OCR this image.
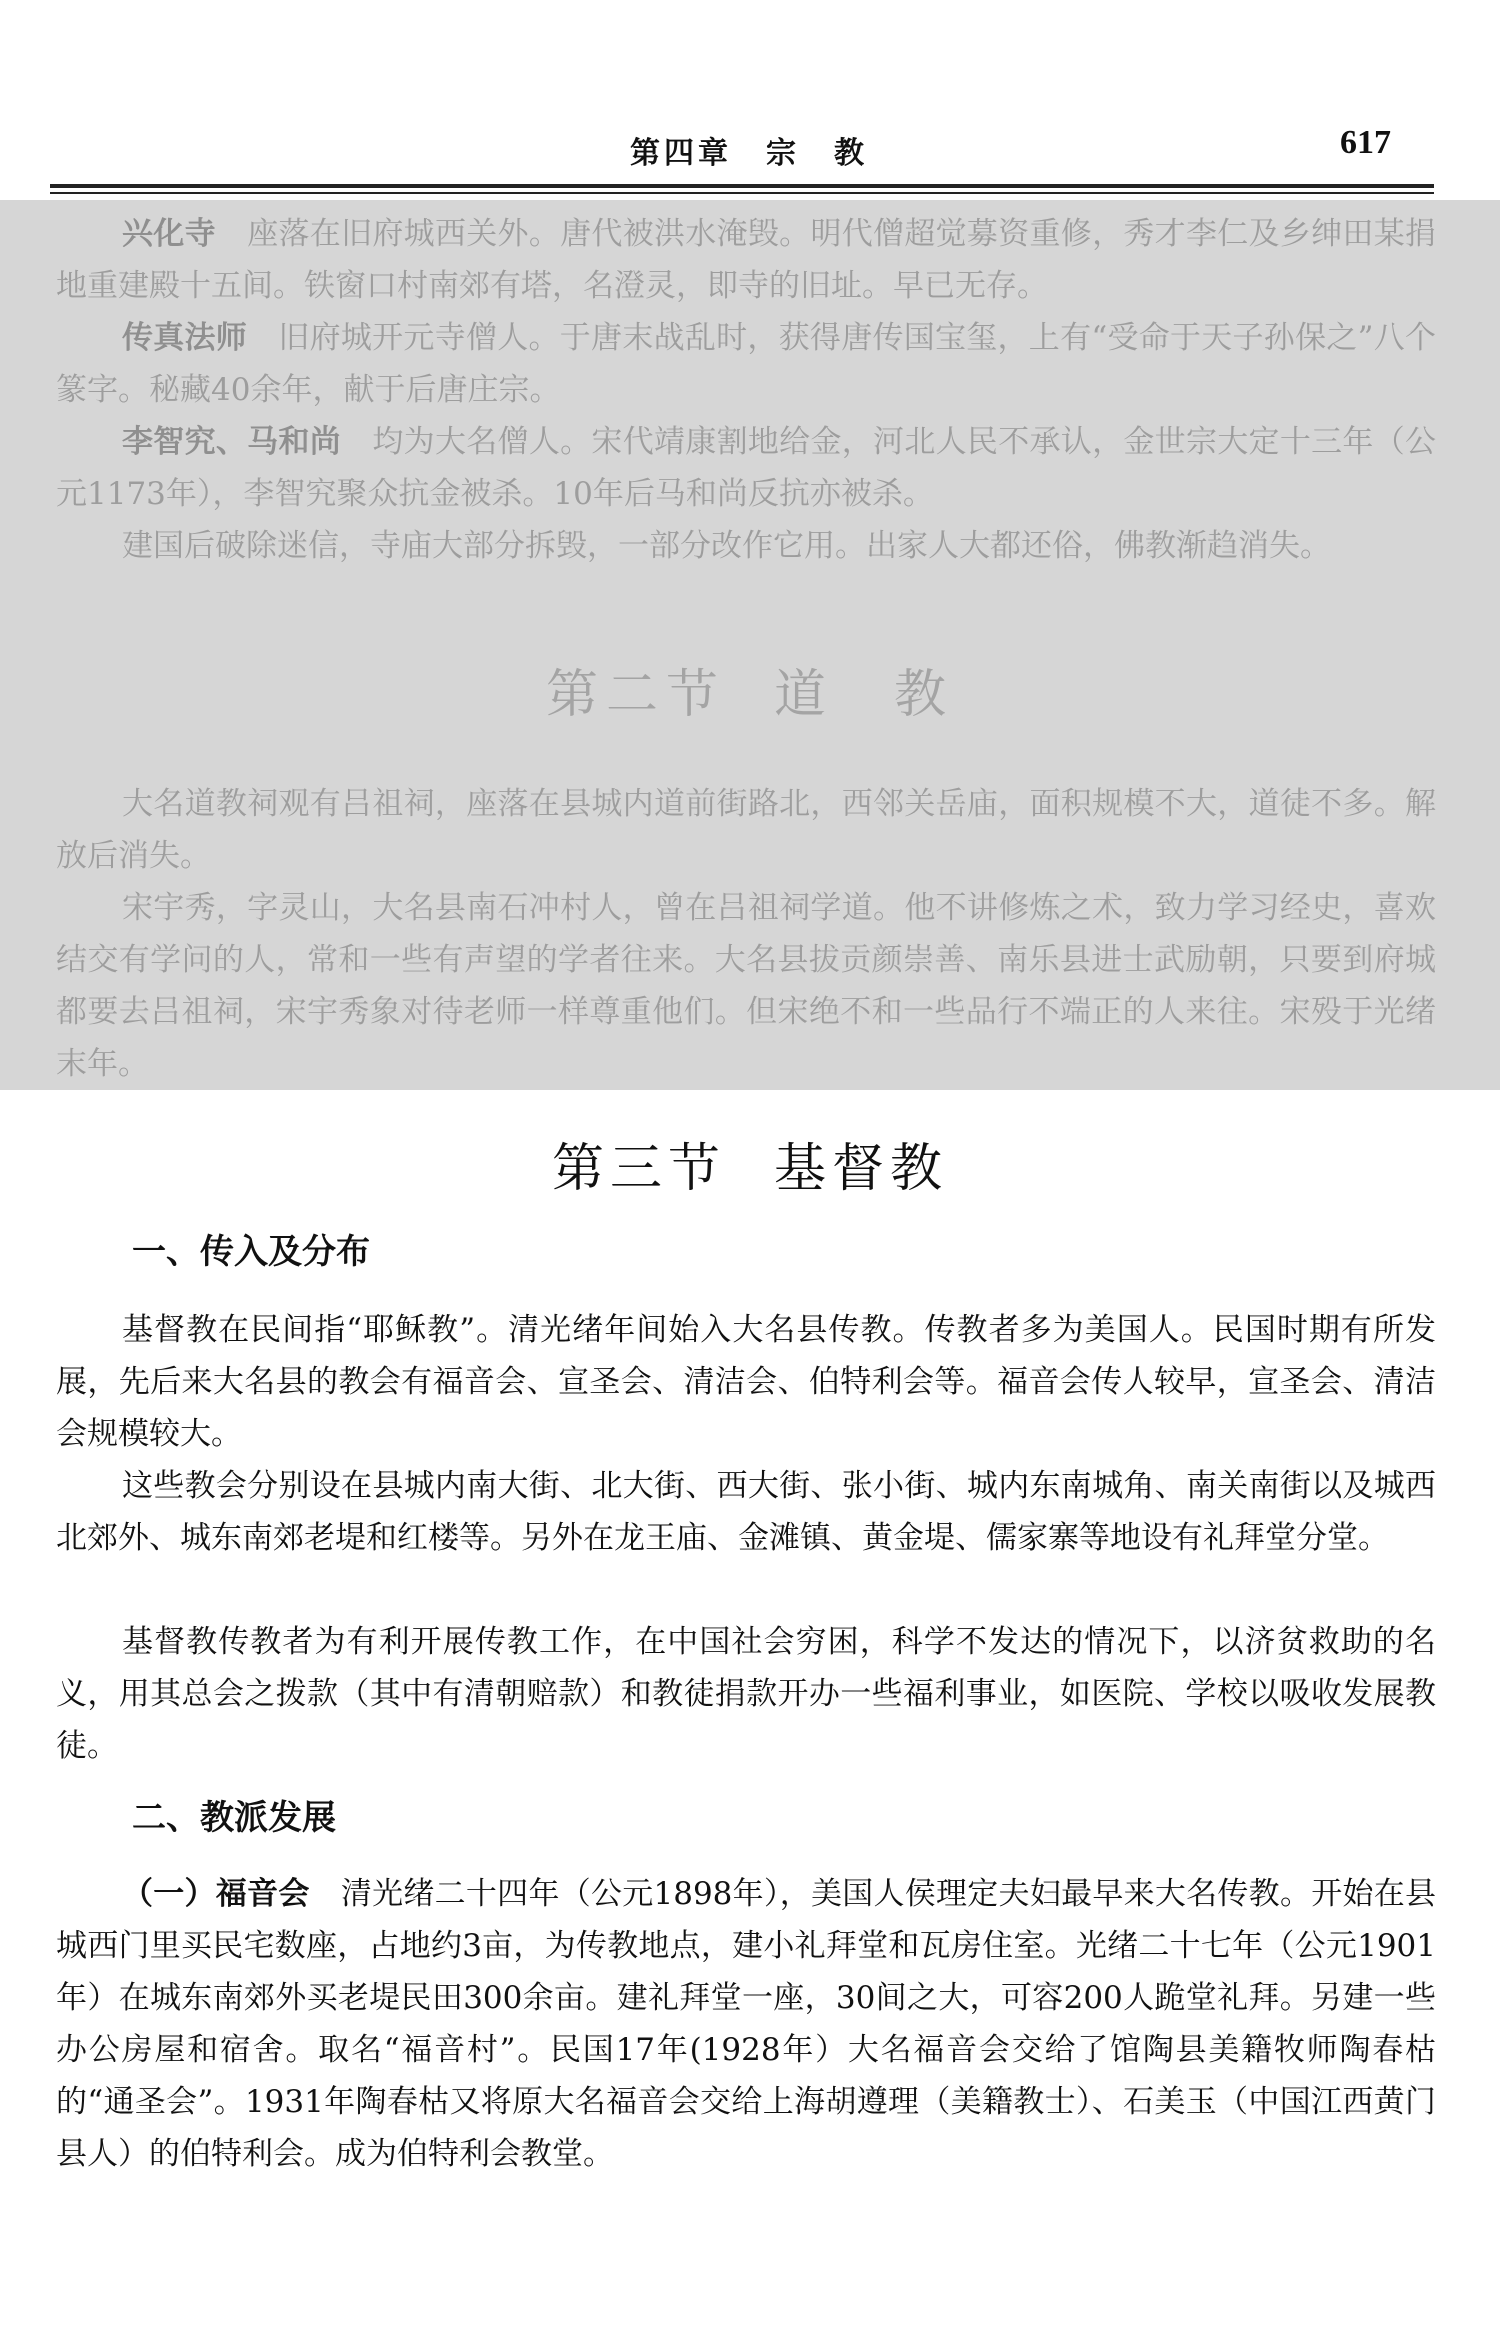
第四章　宗　教	617

兴化寺　 座落在旧府城西关外。唐代被洪水淹毁。明代僧超觉募资重修，秀才李仁及乡绅田某捐地重建殿十五间。铁窗口村南郊有塔，名澄灵，即寺的旧址。早已无存。

传真法师　 旧府城开元寺僧人。于唐末战乱时，获得唐传国宝玺，上有“受命于天子孙保之”八个篆字。秘藏40余年，献于后唐庄宗。

李智究、马和尚　 均为大名僧人。宋代靖康割地给金，河北人民不承认，金世宗大定十三年（公元1173年），李智究聚众抗金被杀。10年后马和尚反抗亦被杀。

建国后破除迷信，寺庙大部分拆毁，一部分改作它用。出家人大都还俗，佛教渐趋消失。

第二节 道　教

大名道教祠观有吕祖祠，座落在县城内道前街路北，西邻关岳庙，面积规模不大，道徒不多。解放后消失。

宋宇秀，字灵山，大名县南石冲村人，曾在吕祖祠学道。他不讲修炼之术，致力学习经史，喜欢结交有学问的人，常和一些有声望的学者往来。大名县拔贡颜崇善、南乐县进士武励朝，只要到府城都要去吕祖祠，宋宇秀象对待老师一样尊重他们。但宋绝不和一些品行不端正的人来往。宋殁于光绪末年。

第三节 基督教
一、传入及分布

基督教在民间指“耶稣教”。清光绪年间始入大名县传教。传教者多为美国人。民国时期有所发展，先后来大名县的教会有福音会、宣圣会、清洁会、伯特利会等。福音会传人较早，宣圣会、清洁会规模较大。

这些教会分别设在县城内南大街、北大街、西大街、张小街、城内东南城角、南关南街以及城西北郊外、城东南郊老堤和红楼等。另外在龙王庙、金滩镇、黄金堤、儒家寨等地设有礼拜堂分堂。

基督教传教者为有利开展传教工作，在中国社会穷困，科学不发达的情况下，以济贫救助的名义，用其总会之拨款（其中有清朝赔款）和教徒捐款开办一些福利事业，如医院、学校以吸收发展教徒。

二、教派发展

（一）福音会　 清光绪二十四年（公元1898年），美国人侯理定夫妇最早来大名传教。开始在县城西门里买民宅数座，占地约3亩，为传教地点，建小礼拜堂和瓦房住室。光绪二十七年（公元1901年）在城东南郊外买老堤民田300余亩。建礼拜堂一座，30间之大，可容200人跪堂礼拜。另建一些办公房屋和宿舍。取名“福音村”。民国17年(1928年）大名福音会交给了馆陶县美籍牧师陶春枯的“通圣会”。1931年陶春枯又将原大名福音会交给上海胡遵理（美籍教士）、石美玉（中国江西黄门县人）的伯特利会。成为伯特利会教堂。
